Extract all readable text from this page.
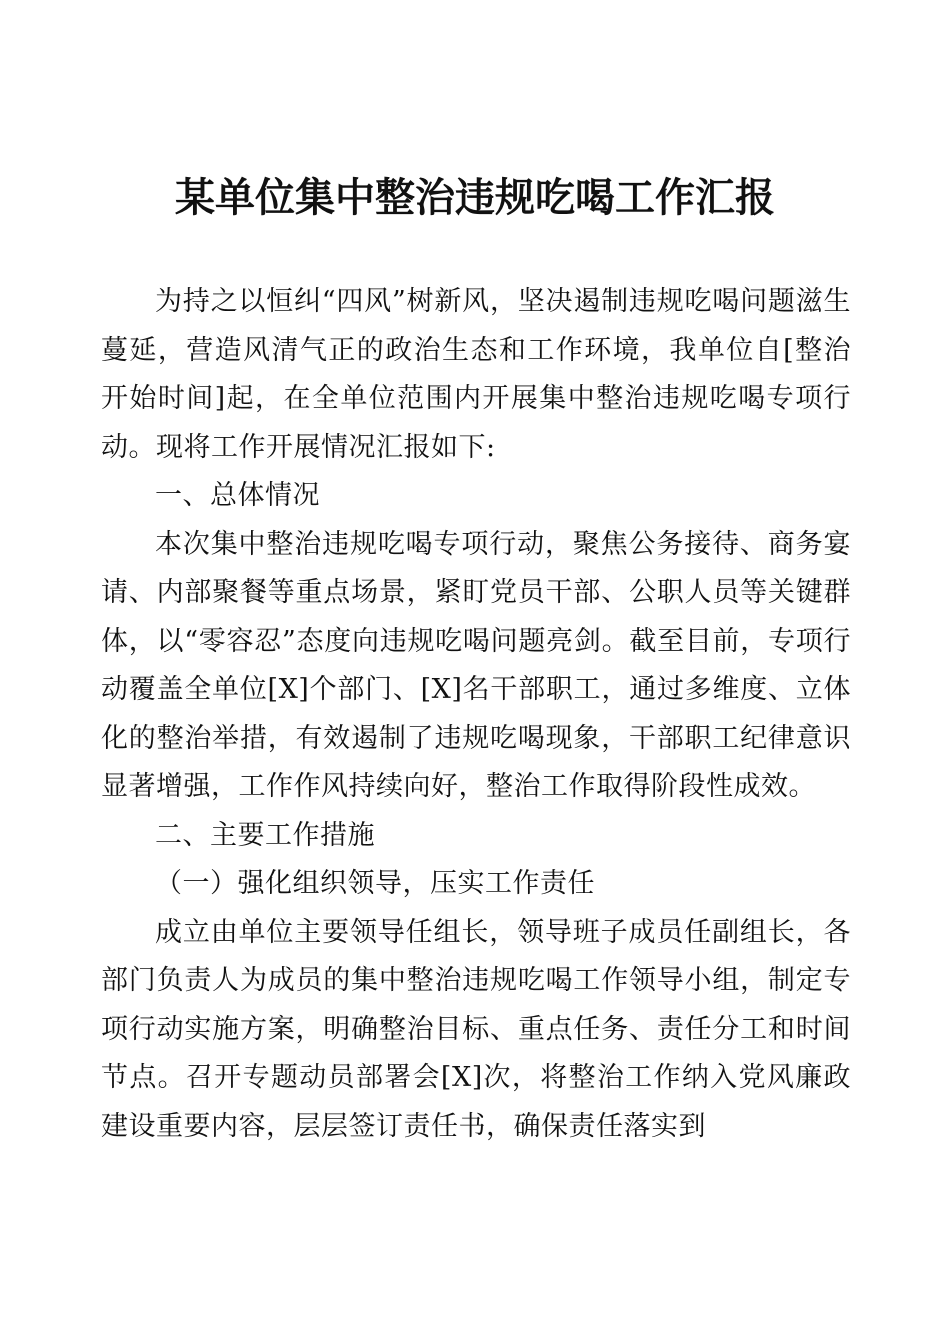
某单位集中整治违规吃喝工作汇报

为持之以恒纠“四风”树新风，坚决遏制违规吃喝问题滋生蔓延，营造风清气正的政治生态和工作环境，我单位自[整治开始时间]起，在全单位范围内开展集中整治违规吃喝专项行动。现将工作开展情况汇报如下:

一、总体情况

本次集中整治违规吃喝专项行动，聚焦公务接待、商务宴请、内部聚餐等重点场景，紧盯党员干部、公职人员等关键群体，以“零容忍”态度向违规吃喝问题亮剑。截至目前，专项行动覆盖全单位[X]个部门、[X]名干部职工，通过多维度、立体化的整治举措，有效遏制了违规吃喝现象，干部职工纪律意识显著增强，工作作风持续向好，整治工作取得阶段性成效。

二、主要工作措施

（一）强化组织领导，压实工作责任

成立由单位主要领导任组长，领导班子成员任副组长，各部门负责人为成员的集中整治违规吃喝工作领导小组，制定专项行动实施方案，明确整治目标、重点任务、责任分工和时间节点。召开专题动员部署会[X]次，将整治工作纳入党风廉政建设重要内容，层层签订责任书，确保责任落实到
